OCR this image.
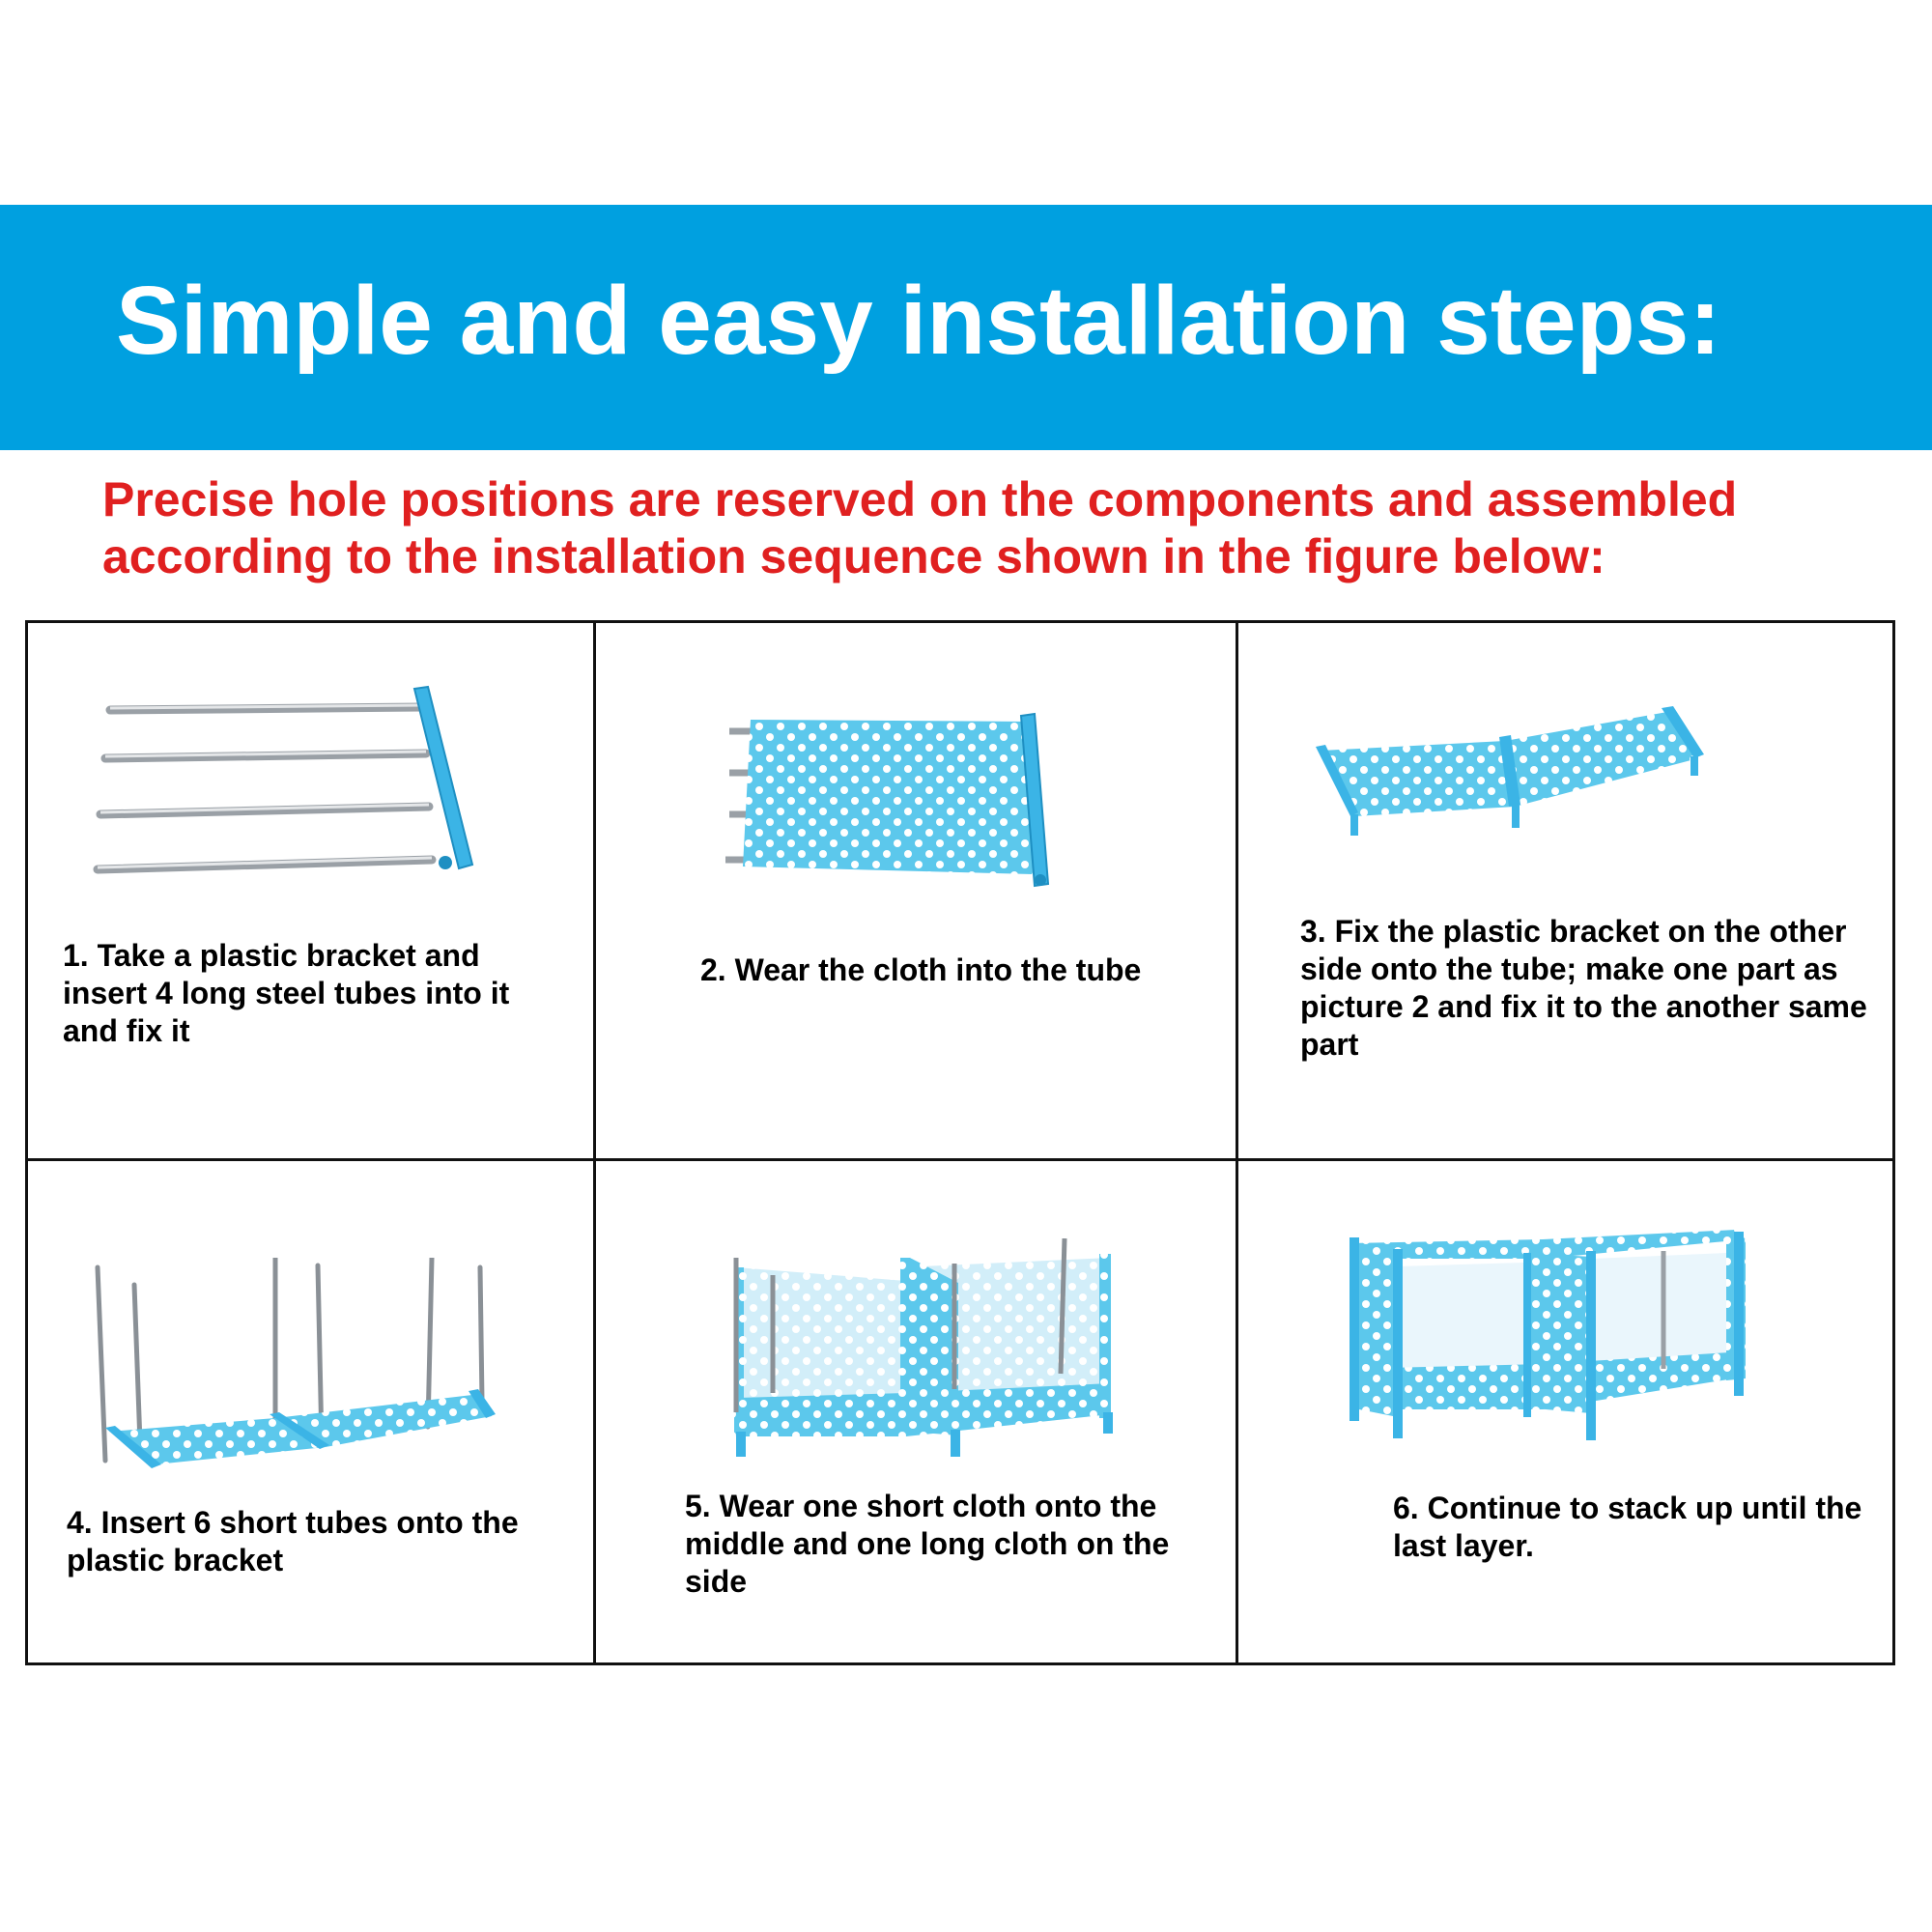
Simple and easy installation steps:

Precise hole positions are reserved on the components and assembled according to the installation sequence shown in the figure below:

1. Take a plastic bracket and insert 4 long steel tubes into it and fix it

2. Wear the cloth into the tube

3. Fix the plastic bracket on the other side onto the tube; make one part as picture 2 and fix it to the another same part

4. Insert 6 short tubes onto the plastic bracket

5. Wear one short cloth onto the middle and one long cloth on the side

6. Continue to stack up until the last layer.
